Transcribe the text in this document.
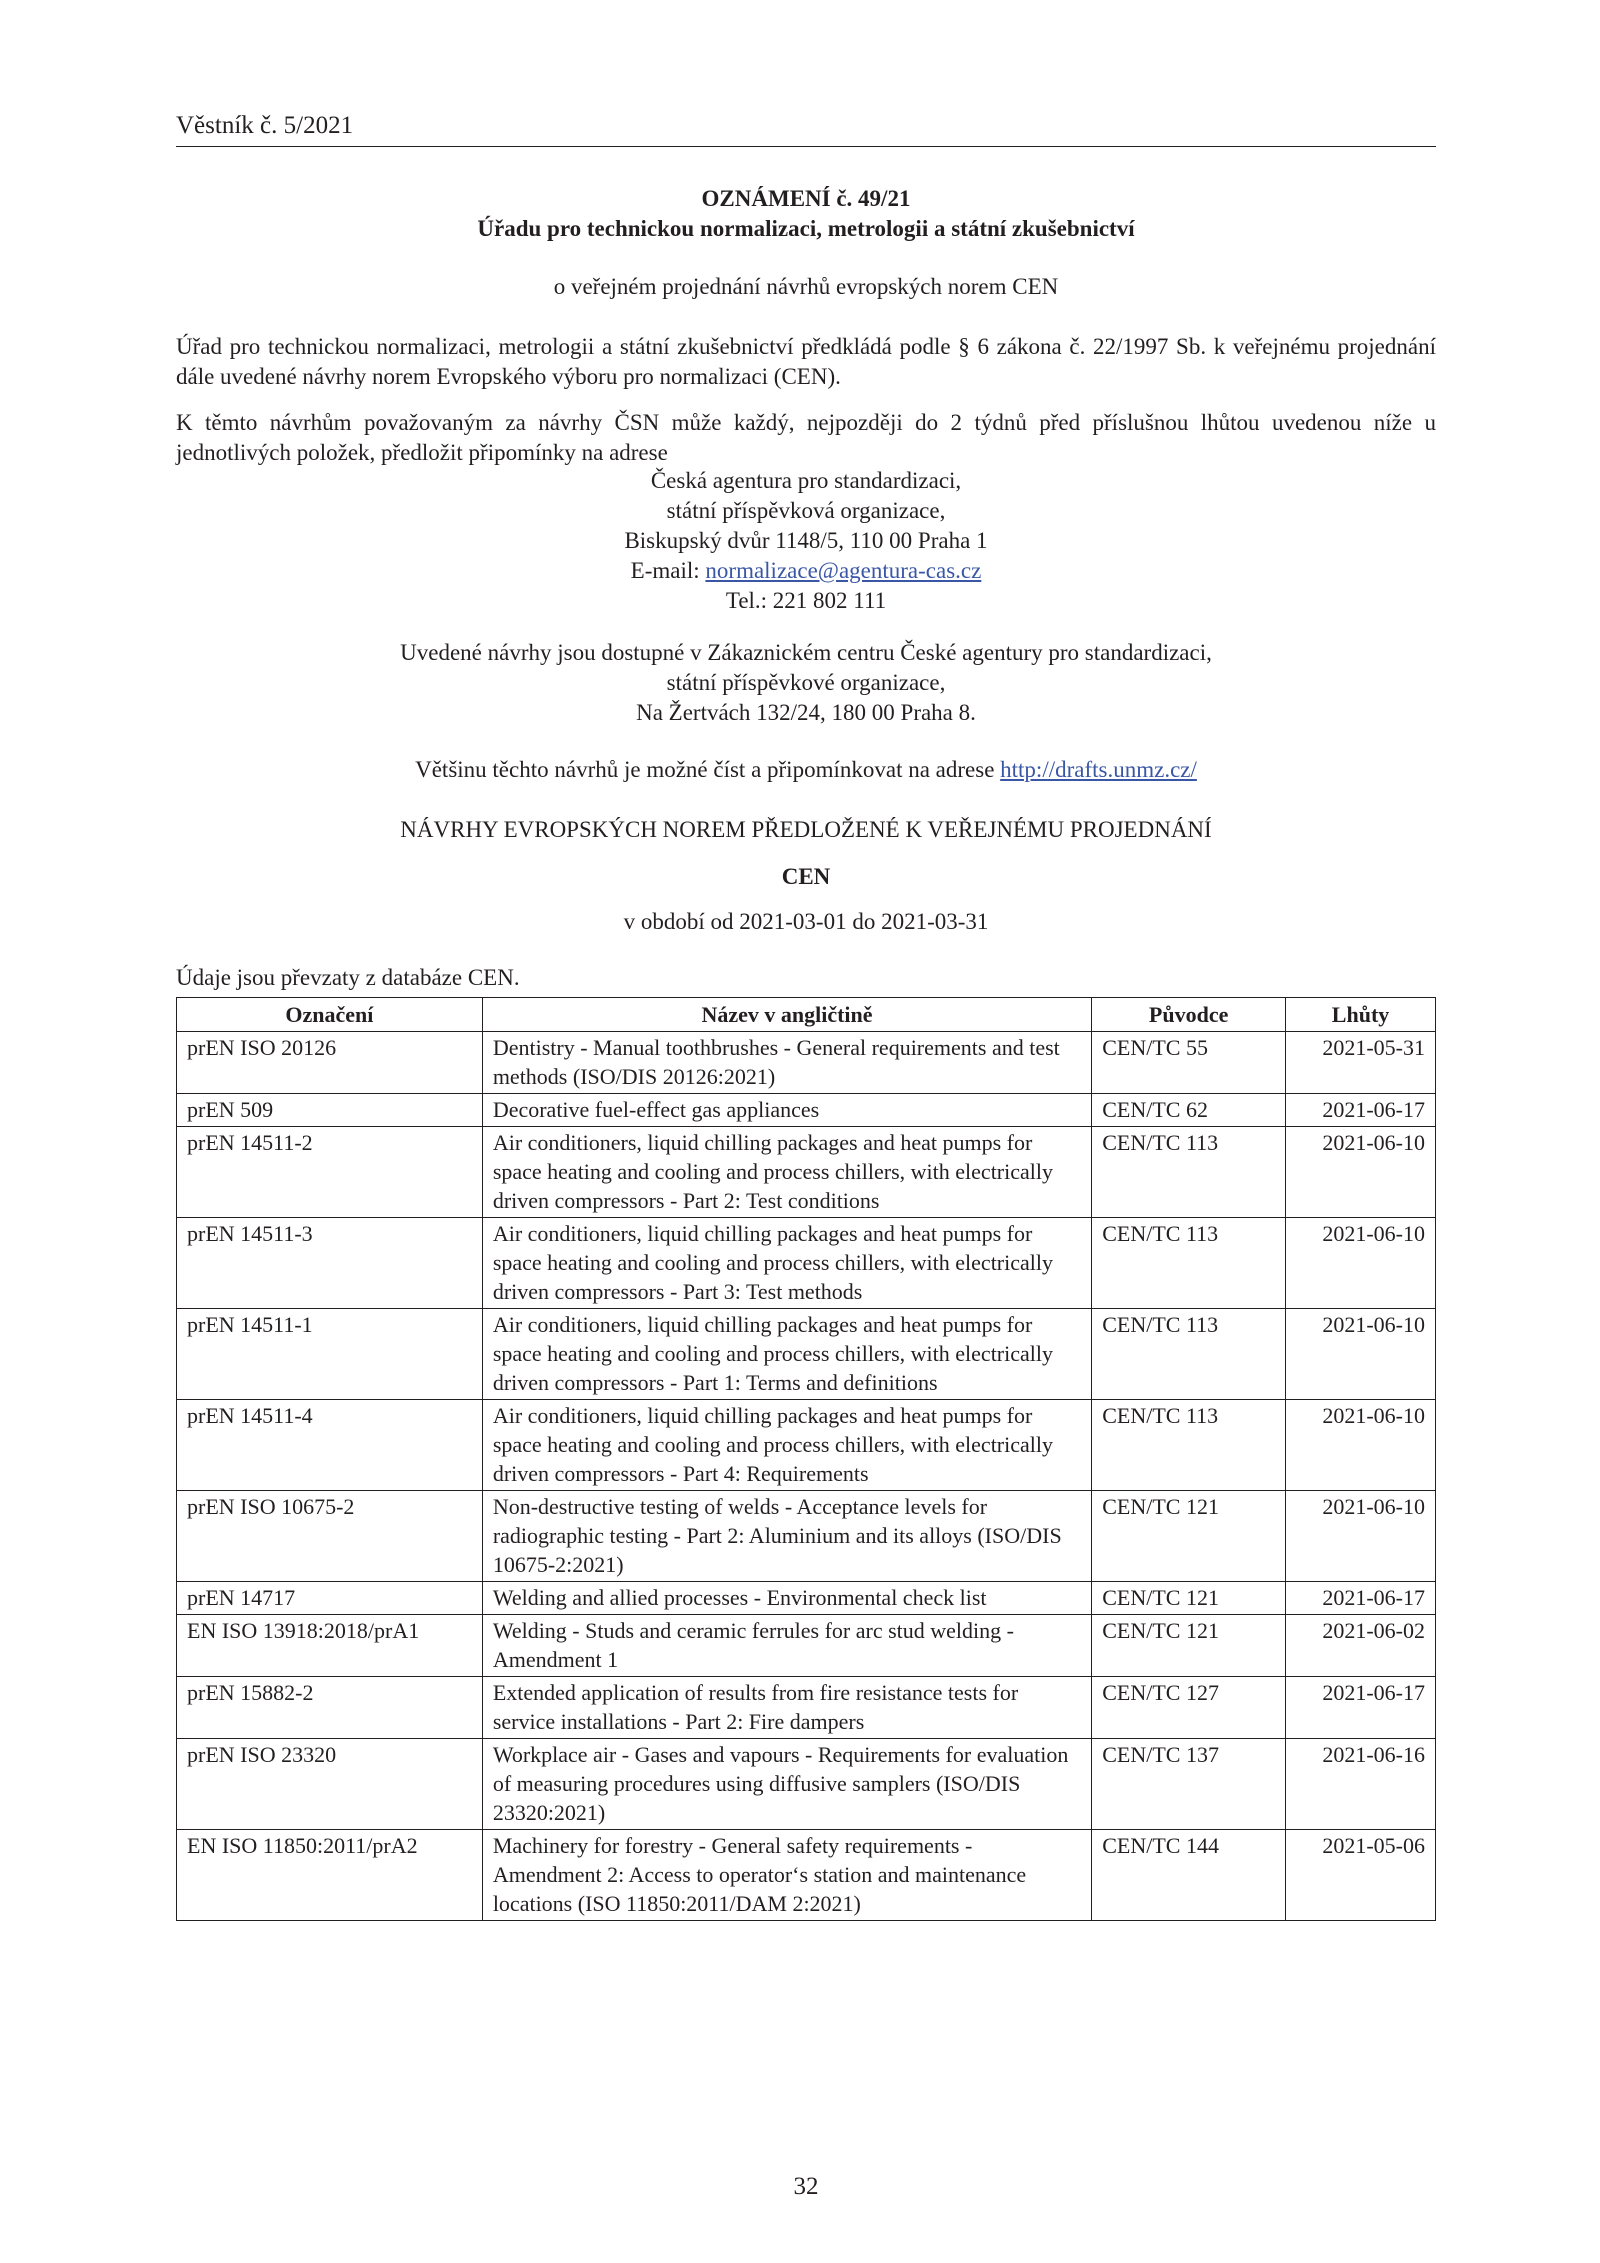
Věstník č. 5/2021
OZNÁMENÍ č. 49/21
Úřadu pro technickou normalizaci, metrologii a státní zkušebnictví
o veřejném projednání návrhů evropských norem CEN
Úřad pro technickou normalizaci, metrologii a státní zkušebnictví předkládá podle § 6 zákona č. 22/1997 Sb. k veřejnému projednání dále uvedené návrhy norem Evropského výboru pro normalizaci (CEN).
K těmto návrhům považovaným za návrhy ČSN může každý, nejpozději do 2 týdnů před příslušnou lhůtou uvedenou níže u jednotlivých položek, předložit připomínky na adrese
Česká agentura pro standardizaci,
státní příspěvková organizace,
Biskupský dvůr 1148/5, 110 00 Praha 1
E-mail: normalizace@agentura-cas.cz
Tel.: 221 802 111
Uvedené návrhy jsou dostupné v Zákaznickém centru České agentury pro standardizaci,
státní příspěvkové organizace,
Na Žertvách 132/24, 180 00 Praha 8.
Většinu těchto návrhů je možné číst a připomínkovat na adrese http://drafts.unmz.cz/
NÁVRHY EVROPSKÝCH NOREM PŘEDLOŽENÉ K VEŘEJNÉMU PROJEDNÁNÍ
CEN
v období od 2021-03-01 do 2021-03-31
Údaje jsou převzaty z databáze CEN.
Označení	Název v angličtině	Původce	Lhůty
prEN ISO 20126	Dentistry - Manual toothbrushes - General requirements and test methods (ISO/DIS 20126:2021)	CEN/TC 55	2021-05-31
prEN 509	Decorative fuel-effect gas appliances	CEN/TC 62	2021-06-17
prEN 14511-2	Air conditioners, liquid chilling packages and heat pumps for space heating and cooling and process chillers, with electrically driven compressors - Part 2: Test conditions	CEN/TC 113	2021-06-10
prEN 14511-3	Air conditioners, liquid chilling packages and heat pumps for space heating and cooling and process chillers, with electrically driven compressors - Part 3: Test methods	CEN/TC 113	2021-06-10
prEN 14511-1	Air conditioners, liquid chilling packages and heat pumps for space heating and cooling and process chillers, with electrically driven compressors - Part 1: Terms and definitions	CEN/TC 113	2021-06-10
prEN 14511-4	Air conditioners, liquid chilling packages and heat pumps for space heating and cooling and process chillers, with electrically driven compressors - Part 4: Requirements	CEN/TC 113	2021-06-10
prEN ISO 10675-2	Non-destructive testing of welds - Acceptance levels for radiographic testing - Part 2: Aluminium and its alloys (ISO/DIS 10675-2:2021)	CEN/TC 121	2021-06-10
prEN 14717	Welding and allied processes - Environmental check list	CEN/TC 121	2021-06-17
EN ISO 13918:2018/prA1	Welding - Studs and ceramic ferrules for arc stud welding - Amendment 1	CEN/TC 121	2021-06-02
prEN 15882-2	Extended application of results from fire resistance tests for service installations - Part 2: Fire dampers	CEN/TC 127	2021-06-17
prEN ISO 23320	Workplace air - Gases and vapours - Requirements for evaluation of measuring procedures using diffusive samplers (ISO/DIS 23320:2021)	CEN/TC 137	2021-06-16
EN ISO 11850:2011/prA2	Machinery for forestry - General safety requirements - Amendment 2: Access to operator‘s station and maintenance locations (ISO 11850:2011/DAM 2:2021)	CEN/TC 144	2021-05-06
32
